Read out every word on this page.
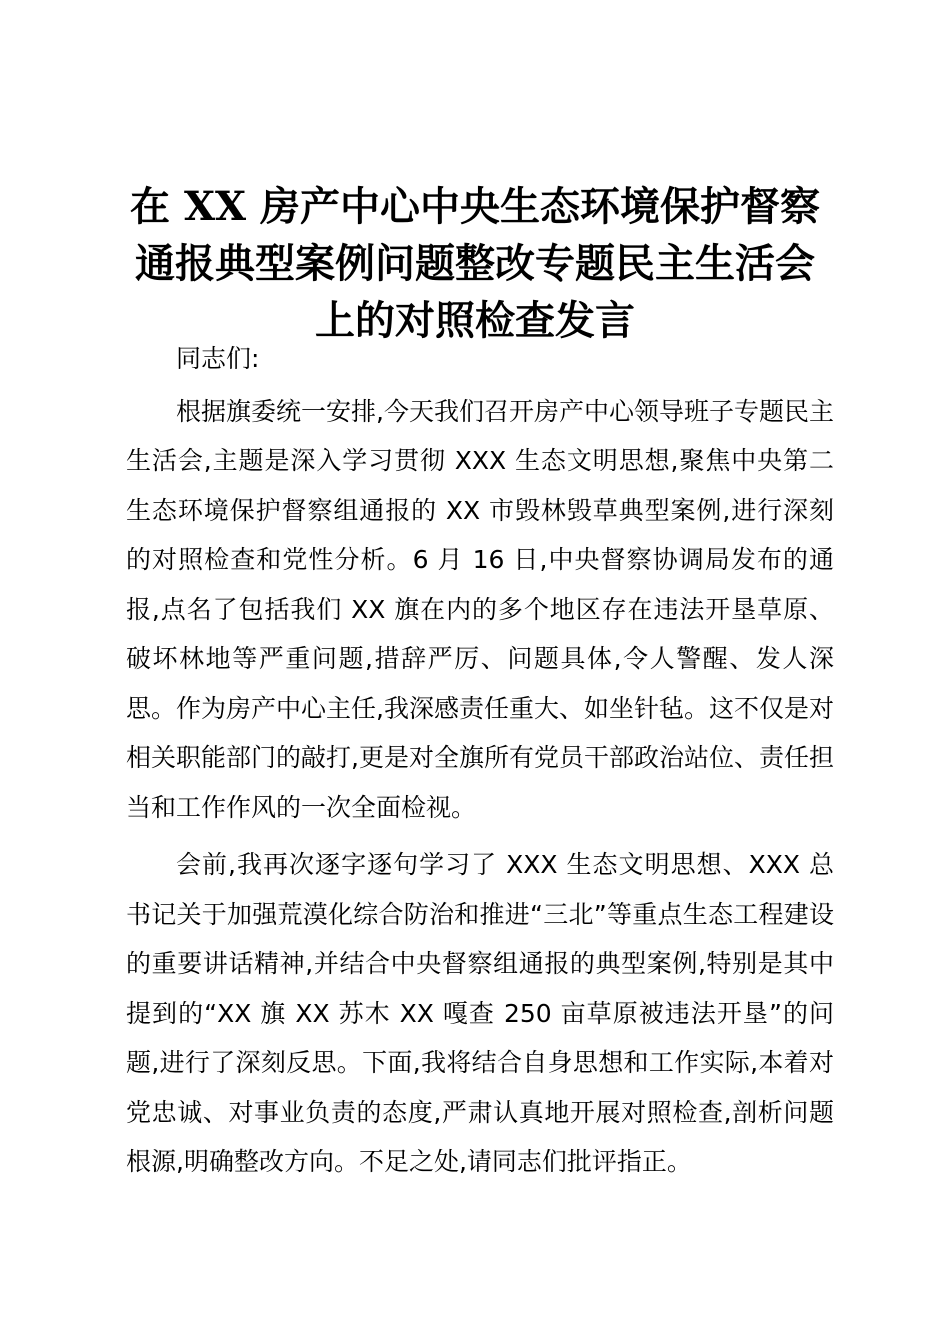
在 XX 房产中心中央生态环境保护督察
通报典型案例问题整改专题民主生活会
上的对照检查发言

同志们:

根据旗委统一安排,今天我们召开房产中心领导班子专题民主生活会,主题是深入学习贯彻 XXX 生态文明思想,聚焦中央第二生态环境保护督察组通报的 XX 市毁林毁草典型案例,进行深刻的对照检查和党性分析。6 月 16 日,中央督察协调局发布的通报,点名了包括我们 XX 旗在内的多个地区存在违法开垦草原、破坏林地等严重问题,措辞严厉、问题具体,令人警醒、发人深思。作为房产中心主任,我深感责任重大、如坐针毡。这不仅是对相关职能部门的敲打,更是对全旗所有党员干部政治站位、责任担当和工作作风的一次全面检视。

会前,我再次逐字逐句学习了 XXX 生态文明思想、XXX 总书记关于加强荒漠化综合防治和推进“三北”等重点生态工程建设的重要讲话精神,并结合中央督察组通报的典型案例,特别是其中提到的“XX 旗 XX 苏木 XX 嘎查 250 亩草原被违法开垦”的问题,进行了深刻反思。下面,我将结合自身思想和工作实际,本着对党忠诚、对事业负责的态度,严肃认真地开展对照检查,剖析问题根源,明确整改方向。不足之处,请同志们批评指正。
